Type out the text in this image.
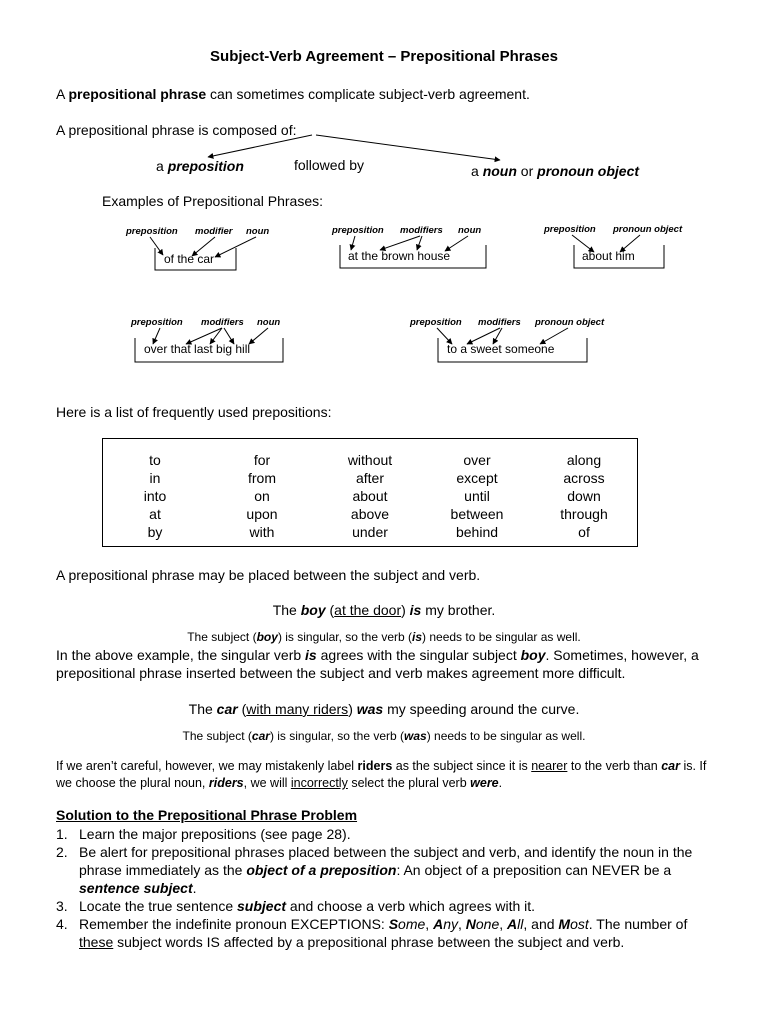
Subject-Verb Agreement – Prepositional Phrases
A prepositional phrase can sometimes complicate subject-verb agreement.
A prepositional phrase is composed of:
a preposition	followed by	a noun or pronoun object
Examples of Prepositional Phrases:
preposition modifier noun
of the car
preposition modifiers noun
at the brown house
preposition pronoun object
about him
preposition modifiers noun
over that last big hill
preposition modifiers pronoun object
to a sweet someone
Here is a list of frequently used prepositions:
to
in
into
at
by
for
from
on
upon
with
without
after
about
above
under
over
except
until
between
behind
along
across
down
through
of
A prepositional phrase may be placed between the subject and verb.
The boy (at the door) is my brother.
The subject (boy) is singular, so the verb (is) needs to be singular as well.
In the above example, the singular verb is agrees with the singular subject boy. Sometimes, however, a prepositional phrase inserted between the subject and verb makes agreement more difficult.
The car (with many riders) was my speeding around the curve.
The subject (car) is singular, so the verb (was) needs to be singular as well.
If we aren’t careful, however, we may mistakenly label riders as the subject since it is nearer to the verb than car is. If we choose the plural noun, riders, we will incorrectly select the plural verb were.
Solution to the Prepositional Phrase Problem
1. Learn the major prepositions (see page 28).
2. Be alert for prepositional phrases placed between the subject and verb, and identify the noun in the phrase immediately as the object of a preposition: An object of a preposition can NEVER be a sentence subject.
3. Locate the true sentence subject and choose a verb which agrees with it.
4. Remember the indefinite pronoun EXCEPTIONS: Some, Any, None, All, and Most. The number of these subject words IS affected by a prepositional phrase between the subject and verb.
